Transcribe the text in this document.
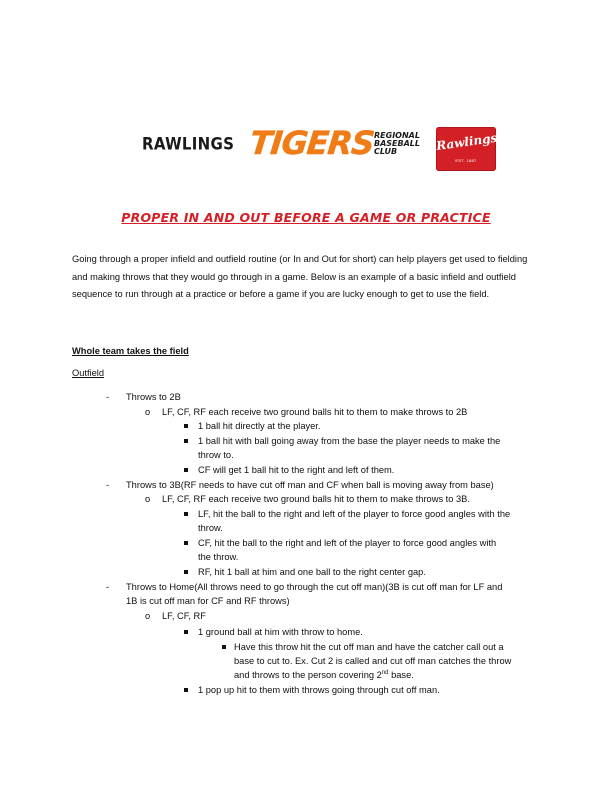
RAWLINGS TIGERS
REGIONAL
BASEBALL
CLUB	Rawlings
EST. 1887
PROPER IN AND OUT BEFORE A GAME OR PRACTICE
Going through a proper infield and outfield routine (or In and Out for short) can help players get used to fielding and making throws that they would go through in a game. Below is an example of a basic infield and outfield sequence to run through at a practice or before a game if you are lucky enough to get to use the field.
Whole team takes the field
Outfield
- Throws to 2B
o LF, CF, RF each receive two ground balls hit to them to make throws to 2B
1 ball hit directly at the player.
1 ball hit with ball going away from the base the player needs to make the
throw to.
CF will get 1 ball hit to the right and left of them.
- Throws to 3B(RF needs to have cut off man and CF when ball is moving away from base)
o LF, CF, RF each receive two ground balls hit to them to make throws to 3B.
LF, hit the ball to the right and left of the player to force good angles with the
throw.
CF, hit the ball to the right and left of the player to force good angles with
the throw.
RF, hit 1 ball at him and one ball to the right center gap.
- Throws to Home(All throws need to go through the cut off man)(3B is cut off man for LF and
1B is cut off man for CF and RF throws)
o LF, CF, RF
1 ground ball at him with throw to home.
Have this throw hit the cut off man and have the catcher call out a
base to cut to. Ex. Cut 2 is called and cut off man catches the throw
and throws to the person covering 2nd base.
1 pop up hit to them with throws going through cut off man.
